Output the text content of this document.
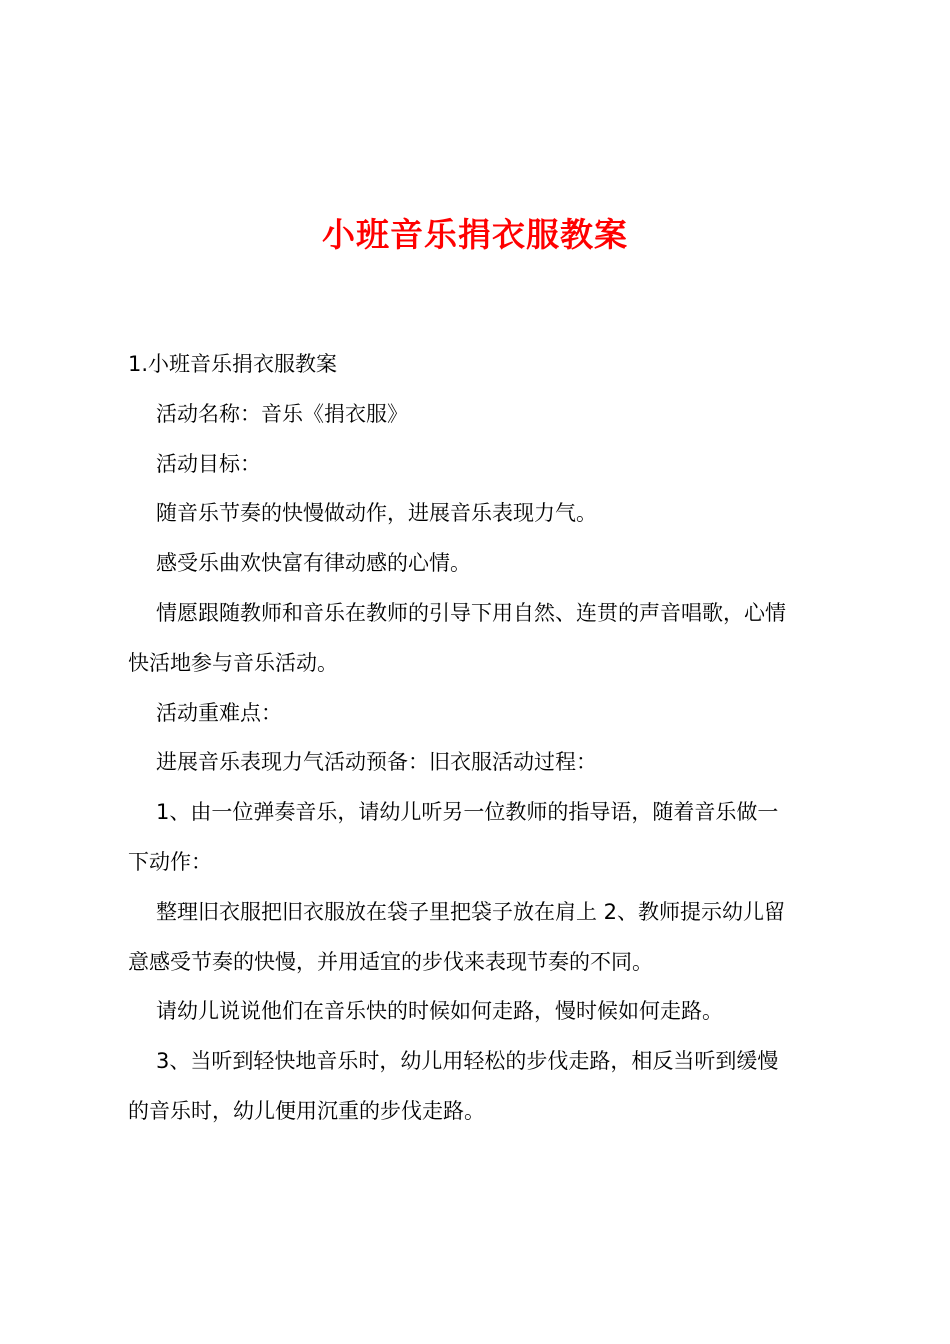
小班音乐捐衣服教案

1.小班音乐捐衣服教案

活动名称：音乐《捐衣服》

活动目标：

随音乐节奏的快慢做动作，进展音乐表现力气。

感受乐曲欢快富有律动感的心情。

情愿跟随教师和音乐在教师的引导下用自然、连贯的声音唱歌，心情
快活地参与音乐活动。

活动重难点：

进展音乐表现力气活动预备：旧衣服活动过程：

1、由一位弹奏音乐，请幼儿听另一位教师的指导语，随着音乐做一
下动作：

整理旧衣服把旧衣服放在袋子里把袋子放在肩上 2、教师提示幼儿留
意感受节奏的快慢，并用适宜的步伐来表现节奏的不同。

请幼儿说说他们在音乐快的时候如何走路，慢时候如何走路。

3、当听到轻快地音乐时，幼儿用轻松的步伐走路，相反当听到缓慢
的音乐时，幼儿便用沉重的步伐走路。
